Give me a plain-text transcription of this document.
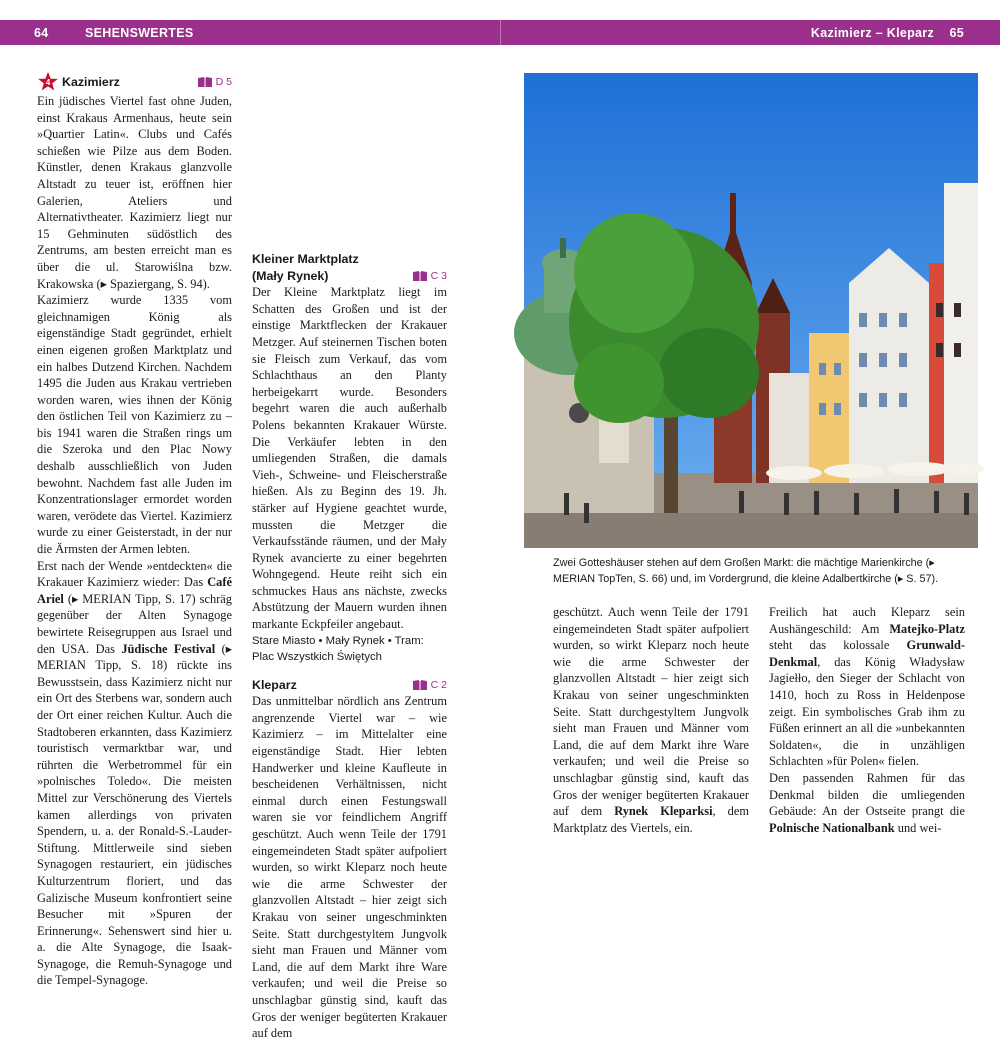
64	SEHENSWERTES	Kazimierz – Kleparz 65
4 Kazimierz	D 5

Ein jüdisches Viertel fast ohne Juden, einst Krakaus Armenhaus, heute sein »Quartier Latin«. Clubs und Cafés schießen wie Pilze aus dem Boden. Künstler, denen Krakaus glanzvolle Altstadt zu teuer ist, eröffnen hier Galerien, Ateliers und Alternativtheater. Kazimierz liegt nur 15 Gehminuten südöstlich des Zentrums, am besten erreicht man es über die ul. Starowiślna bzw. Krakowska (▸ Spaziergang, S. 94).

Kazimierz wurde 1335 vom gleichnamigen König als eigenständige Stadt gegründet, erhielt einen eigenen großen Marktplatz und ein halbes Dutzend Kirchen. Nachdem 1495 die Juden aus Krakau vertrieben worden waren, wies ihnen der König den östlichen Teil von Kazimierz zu – bis 1941 waren die Straßen rings um die Szeroka und den Plac Nowy deshalb ausschließlich von Juden bewohnt. Nachdem fast alle Juden im Konzentrationslager ermordet worden waren, verödete das Viertel. Kazimierz wurde zu einer Geisterstadt, in der nur die Ärmsten der Armen lebten.

Erst nach der Wende »entdeckten« die Krakauer Kazimierz wieder: Das Café Ariel (▸ MERIAN Tipp, S. 17) schräg gegenüber der Alten Synagoge bewirtete Reisegruppen aus Israel und den USA. Das Jüdische Festival (▸ MERIAN Tipp, S. 18) rückte ins Bewusstsein, dass Kazimierz nicht nur ein Ort des Sterbens war, sondern auch der Ort einer reichen Kultur. Auch die Stadtoberen erkannten, dass Kazimierz touristisch vermarktbar war, und rührten die Werbetrommel für ein »polnisches Toledo«. Die meisten Mittel zur Verschönerung des Viertels kamen allerdings von privaten Spendern, u. a. der Ronald-S.-Lauder-Stiftung. Mittlerweile sind sieben Synagogen restauriert, ein jüdisches Kulturzentrum floriert, und das Galizische Museum konfrontiert seine Besucher mit »Spuren der Erinnerung«. Sehenswert sind hier u. a. die Alte Synagoge, die Isaak-Synagoge, die Remuh-Synagoge und die Tempel-Synagoge.

Kleiner Marktplatz
(Mały Rynek)	C 3

Der Kleine Marktplatz liegt im Schatten des Großen und ist der einstige Marktflecken der Krakauer Metzger. Auf steinernen Tischen boten sie Fleisch zum Verkauf, das vom Schlachthaus an den Planty herbeigekarrt wurde. Besonders begehrt waren die auch außerhalb Polens bekannten Krakauer Würste. Die Verkäufer lebten in den umliegenden Straßen, die damals Vieh-, Schweine- und Fleischerstraße hießen. Als zu Beginn des 19. Jh. stärker auf Hygiene geachtet wurde, mussten die Metzger die Verkaufsstände räumen, und der Mały Rynek avancierte zu einer begehrten Wohngegend. Heute reiht sich ein schmuckes Haus ans nächste, zwecks Abstützung der Mauern wurden ihnen markante Eckpfeiler angebaut.

Stare Miasto • Mały Rynek • Tram: Plac Wszystkich Świętych

Kleparz	C 2

Das unmittelbar nördlich ans Zentrum angrenzende Viertel war – wie Kazimierz – im Mittelalter eine eigenständige Stadt. Hier lebten Handwerker und kleine Kaufleute in bescheidenen Verhältnissen, nicht einmal durch einen Festungswall waren sie vor feindlichem Angriff geschützt. Auch wenn Teile der 1791 eingemeindeten Stadt später aufpoliert wurden, so wirkt Kleparz noch heute wie die arme Schwester der glanzvollen Altstadt – hier zeigt sich Krakau von seiner ungeschminkten Seite. Statt durchgestyltem Jungvolk sieht man Frauen und Männer vom Land, die auf dem Markt ihre Ware verkaufen; und weil die Preise so unschlagbar günstig sind, kauft das Gros der weniger begüterten Krakauer auf dem

Zwei Gotteshäuser stehen auf dem Großen Markt: die mächtige Marienkirche (▸ MERIAN TopTen, S. 66) und, im Vordergrund, die kleine Adalbertkirche (▸ S. 57).

geschützt. Auch wenn Teile der 1791 eingemeindeten Stadt später aufpoliert wurden, so wirkt Kleparz noch heute wie die arme Schwester der glanzvollen Altstadt – hier zeigt sich Krakau von seiner ungeschminkten Seite. Statt durchgestyltem Jungvolk sieht man Frauen und Männer vom Land, die auf dem Markt ihre Ware verkaufen; und weil die Preise so unschlagbar günstig sind, kauft das Gros der weniger begüterten Krakauer auf dem Rynek Kleparksi, dem Marktplatz des Viertels, ein.

Freilich hat auch Kleparz sein Aushängeschild: Am Matejko-Platz steht das kolossale Grunwald-Denkmal, das König Władysław Jagiełło, den Sieger der Schlacht von 1410, hoch zu Ross in Heldenpose zeigt. Ein symbolisches Grab ihm zu Füßen erinnert an all die »unbekannten Soldaten«, die in unzähligen Schlachten »für Polen« fielen.

Den passenden Rahmen für das Denkmal bilden die umliegenden Gebäude: An der Ostseite prangt die Polnische Nationalbank und wei-
